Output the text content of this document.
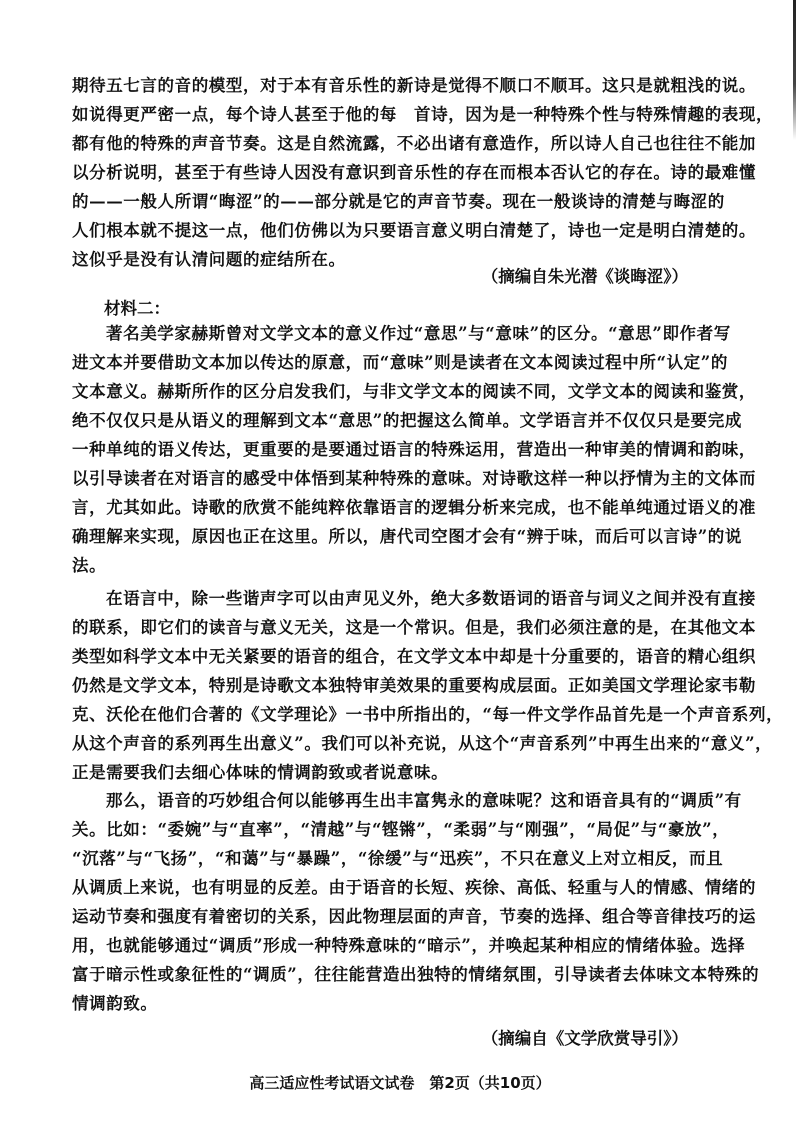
期待五七言的音的模型，对于本有音乐性的新诗是觉得不顺口不顺耳。这只是就粗浅的说。
如说得更严密一点，每个诗人甚至于他的每　首诗，因为是一种特殊个性与特殊情趣的表现，
都有他的特殊的声音节奏。这是自然流露，不必出诸有意造作，所以诗人自己也往往不能加
以分析说明，甚至于有些诗人因没有意识到音乐性的存在而根本否认它的存在。诗的最难懂
的——一般人所谓“晦涩”的——部分就是它的声音节奏。现在一般谈诗的清楚与晦涩的
人们根本就不提这一点，他们仿佛以为只要语言意义明白清楚了，诗也一定是明白清楚的。
这似乎是没有认清问题的症结所在。
（摘编自朱光潜《谈晦涩》）
材料二：
著名美学家赫斯曾对文学文本的意义作过“意思”与“意味”的区分。“意思”即作者写
进文本并要借助文本加以传达的原意，而“意味”则是读者在文本阅读过程中所“认定”的
文本意义。赫斯所作的区分启发我们，与非文学文本的阅读不同，文学文本的阅读和鉴赏，
绝不仅仅只是从语义的理解到文本“意思”的把握这么简单。文学语言并不仅仅只是要完成
一种单纯的语义传达，更重要的是要通过语言的特殊运用，营造出一种审美的情调和韵味，
以引导读者在对语言的感受中体悟到某种特殊的意味。对诗歌这样一种以抒情为主的文体而
言，尤其如此。诗歌的欣赏不能纯粹依靠语言的逻辑分析来完成，也不能单纯通过语义的准
确理解来实现，原因也正在这里。所以，唐代司空图才会有“辨于味，而后可以言诗”的说
法。
在语言中，除一些谐声字可以由声见义外，绝大多数语词的语音与词义之间并没有直接
的联系，即它们的读音与意义无关，这是一个常识。但是，我们必须注意的是，在其他文本
类型如科学文本中无关紧要的语音的组合，在文学文本中却是十分重要的，语音的精心组织
仍然是文学文本，特别是诗歌文本独特审美效果的重要构成层面。正如美国文学理论家韦勒
克、沃伦在他们合著的《文学理论》一书中所指出的，“每一件文学作品首先是一个声音系列，
从这个声音的系列再生出意义”。我们可以补充说，从这个“声音系列”中再生出来的“意义”，
正是需要我们去细心体味的情调韵致或者说意味。
那么，语音的巧妙组合何以能够再生出丰富隽永的意味呢？这和语音具有的“调质”有
关。比如：“委婉”与“直率”，“清越”与“铿锵”，“柔弱”与“刚强”，“局促”与“豪放”，
“沉落”与“飞扬”，“和蔼”与“暴躁”，“徐缓”与“迅疾”，不只在意义上对立相反，而且
从调质上来说，也有明显的反差。由于语音的长短、疾徐、高低、轻重与人的情感、情绪的
运动节奏和强度有着密切的关系，因此物理层面的声音，节奏的选择、组合等音律技巧的运
用，也就能够通过“调质”形成一种特殊意味的“暗示”，并唤起某种相应的情绪体验。选择
富于暗示性或象征性的“调质”，往往能营造出独特的情绪氛围，引导读者去体味文本特殊的
情调韵致。
（摘编自《文学欣赏导引》）
高三适应性考试语文试卷　第2页（共10页）
